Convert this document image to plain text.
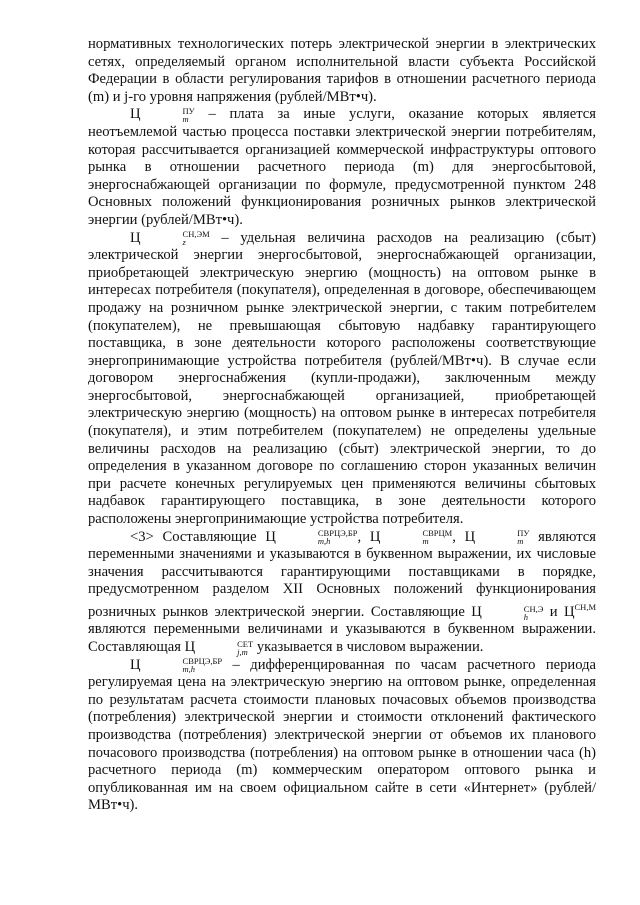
нормативных технологических потерь электрической энергии в электрических сетях, определяемый органом исполнительной власти субъекта Российской Федерации в области регулирования тарифов в отношении расчетного периода (m) и j-го уровня напряжения (рублей/МВт•ч).

Ц	ПУ
m – плата за иные услуги, оказание которых является неотъемлемой частью процесса поставки электрической энергии потребителям, которая рассчитывается организацией коммерческой инфраструктуры оптового рынка в отношении расчетного периода (m) для энергосбытовой, энергоснабжающей организации по формуле, предусмотренной пунктом 248 Основных положений функционирования розничных рынков электрической энергии (рублей/МВт•ч).

Ц	СН,ЭМ
z	– удельная величина расходов на реализацию (сбыт) электрической энергии энергосбытовой, энергоснабжающей организации, приобретающей электрическую энергию (мощность) на оптовом рынке в интересах потребителя (покупателя), определенная в договоре, обеспечивающем продажу на розничном рынке электрической энергии, с таким потребителем (покупателем), не превышающая сбытовую надбавку гарантирующего поставщика, в зоне деятельности которого расположены соответствующие энергопринимающие устройства потребителя (рублей/МВт•ч). В случае если договором энергоснабжения (купли-продажи), заключенным между энергосбытовой, энергоснабжающей организацией, приобретающей электрическую энергию (мощность) на оптовом рынке в интересах потребителя (покупателя), и этим потребителем (покупателем) не определены удельные величины расходов на реализацию (сбыт) электрической энергии, то до определения в указанном договоре по соглашению сторон указанных величин при расчете конечных регулируемых цен применяются величины сбытовых надбавок гарантирующего поставщика, в зоне деятельности которого расположены энергопринимающие устройства потребителя.

<3> Составляющие Ц	СВРЦЭ,БР
m,h	, Ц	СВРЦМ
m	, Ц	ПУ
m являются переменными значениями и указываются в буквенном выражении, их числовые значения рассчитываются гарантирующими поставщиками в порядке, предусмотренном разделом XII Основных положений функционирования розничных рынков электрической энергии. Составляющие Ц	СН,Э
h	и $Ц^{СН,М}$ являются переменными величинами и указываются в буквенном выражении. Составляющая Ц	СЕТ
j,m указывается в числовом выражении.

Ц	СВРЦЭ,БР
m,h	– дифференцированная по часам расчетного периода регулируемая цена на электрическую энергию на оптовом рынке, определенная по результатам расчета стоимости плановых почасовых объемов производства (потребления) электрической энергии и стоимости отклонений фактического производства (потребления) электрической энергии от объемов их планового почасового производства (потребления) на оптовом рынке в отношении часа (h) расчетного периода (m) коммерческим оператором оптового рынка и опубликованная им на своем официальном сайте в сети «Интернет» (рублей/МВт•ч).
